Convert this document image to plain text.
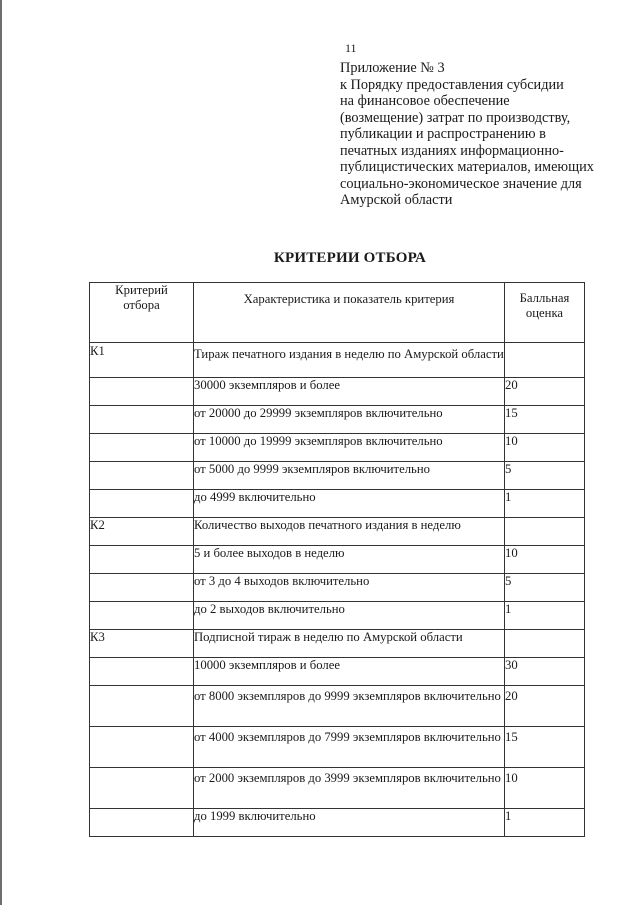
11
Приложение № 3
к Порядку предоставления субсидии
на финансовое обеспечение
(возмещение) затрат по производству,
публикации и распространению в
печатных изданиях информационно-
публицистических материалов, имеющих
социально-экономическое значение для
Амурской области
КРИТЕРИИ ОТБОРА
Критерий
отбора	Характеристика и показатель критерия	Балльная
оценка

К1	Тираж печатного издания в неделю по Амурской области	
	30000 экземпляров и более	20
	от 20000 до 29999 экземпляров включительно	15
	от 10000 до 19999 экземпляров включительно	10
	от 5000 до 9999 экземпляров включительно	5
	до 4999 включительно	1
К2	Количество выходов печатного издания в неделю	
	5 и более выходов в неделю	10
	от 3 до 4 выходов включительно	5
	до 2 выходов включительно	1
К3	Подписной тираж в неделю по Амурской области	
	10000 экземпляров и более	30
	от 8000 экземпляров до 9999 экземпляров включительно	20
	от 4000 экземпляров до 7999 экземпляров включительно	15
	от 2000 экземпляров до 3999 экземпляров включительно	10
	до 1999 включительно	1
